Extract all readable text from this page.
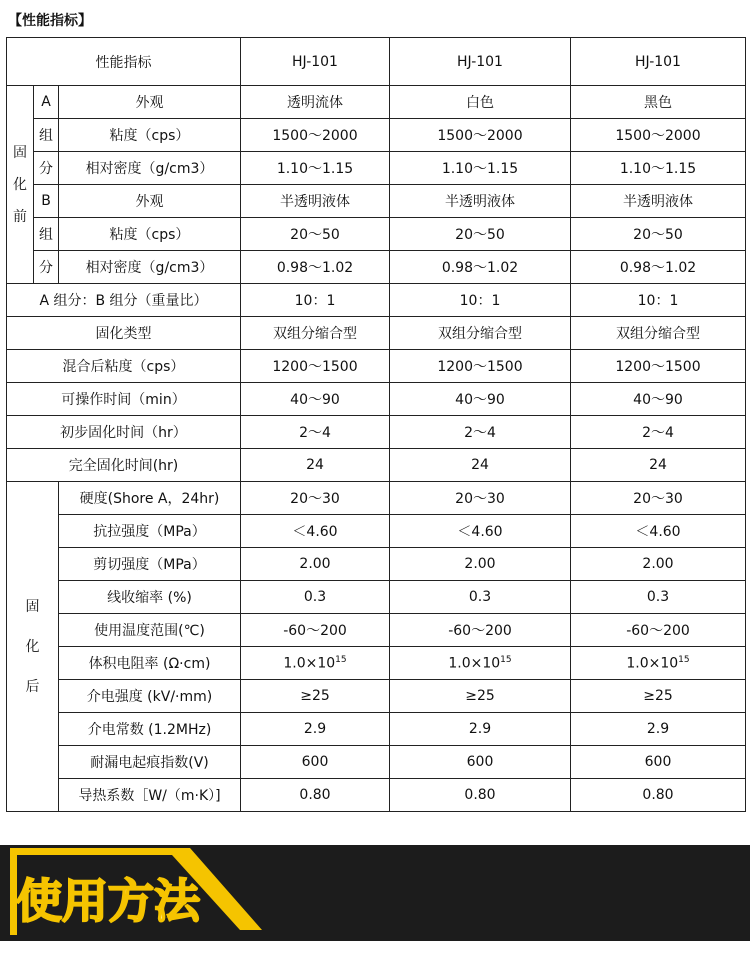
【性能指标】
性能指标			HJ-101	HJ-101	HJ-101

固
化
前	A	外观	透明流体	白色	黑色
	组	粘度（cps）	1500～2000	1500～2000	1500～2000
	分	相对密度（g/cm3）	1.10～1.15	1.10～1.15	1.10～1.15
	B	外观	半透明液体	半透明液体	半透明液体
	组	粘度（cps）	20～50	20～50	20～50
	分	相对密度（g/cm3）	0.98～1.02	0.98～1.02	0.98～1.02
A 组分：B 组分（重量比）			10：1	10：1	10：1
固化类型			双组分缩合型	双组分缩合型	双组分缩合型
混合后粘度（cps）			1200～1500	1200～1500	1200～1500
可操作时间（min）			40～90	40～90	40～90
初步固化时间（hr）			2～4	2～4	2～4
完全固化时间(hr)			24	24	24

固
化
后		硬度(Shore A，24hr)	20～30	20～30	20～30
		抗拉强度（MPa）	＜4.60	＜4.60	＜4.60
		剪切强度（MPa）	2.00	2.00	2.00
		线收缩率 (%)	0.3	0.3	0.3
		使用温度范围(℃)	-60～200	-60～200	-60～200
		体积电阻率 (Ω·cm)	$1.0\times 10^{15}$	$1.0\times 10^{15}$	$1.0\times 10^{15}$
		介电强度 (kV/·mm)	≥25	≥25	≥25
		介电常数 (1.2MHz)	2.9	2.9	2.9
		耐漏电起痕指数(V)	600	600	600
		导热系数［W/（m·K）]	0.80	0.80	0.80
使用方法
